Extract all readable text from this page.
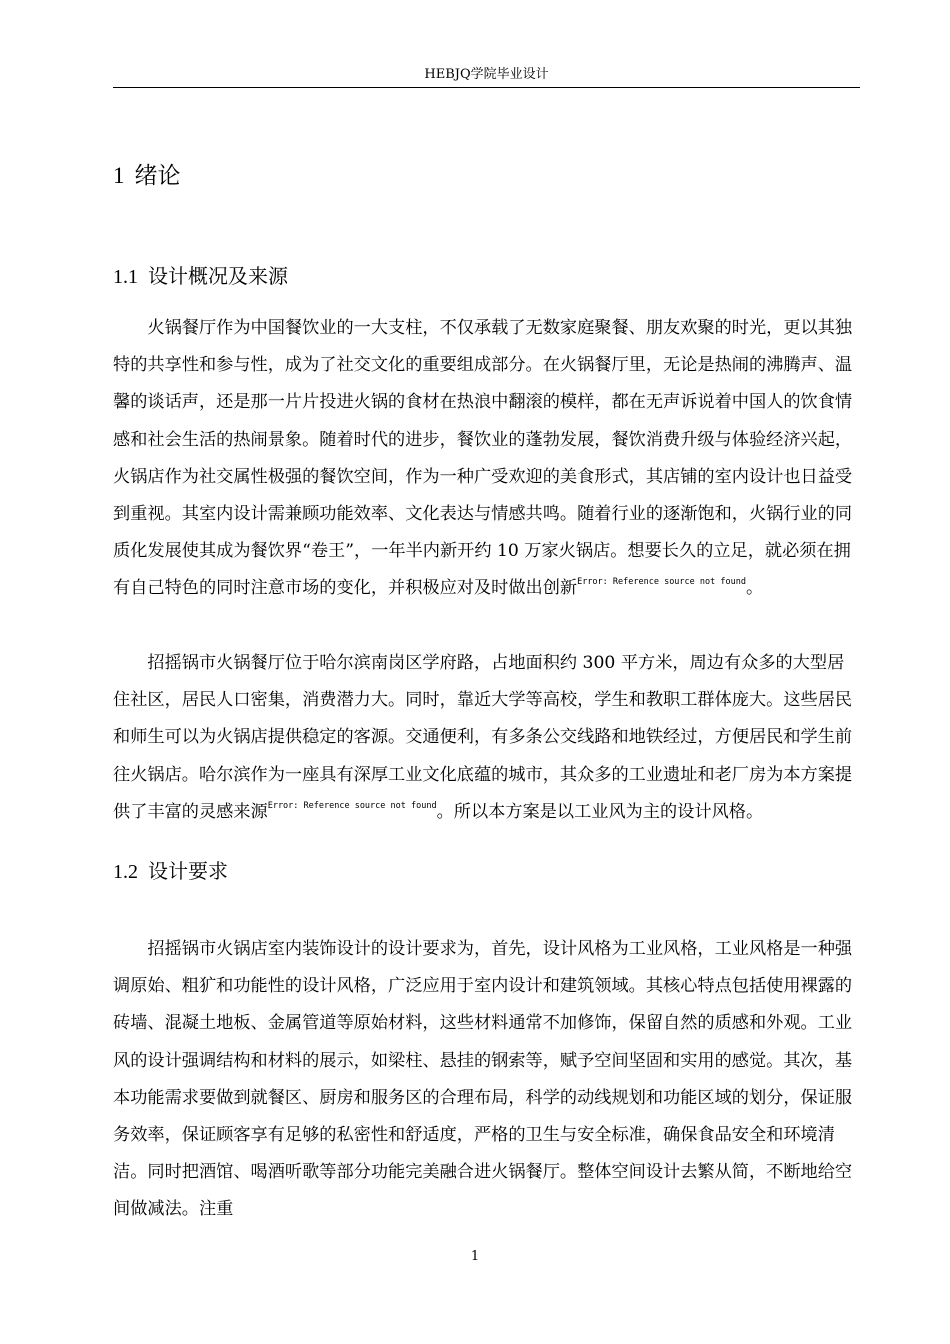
HEBJQ学院毕业设计
1 绪论
1.1 设计概况及来源

火锅餐厅作为中国餐饮业的一大支柱，不仅承载了无数家庭聚餐、朋友欢聚的时光，更以其独特的共享性和参与性，成为了社交文化的重要组成部分。在火锅餐厅里，无论是热闹的沸腾声、温馨的谈话声，还是那一片片投进火锅的食材在热浪中翻滚的模样，都在无声诉说着中国人的饮食情感和社会生活的热闹景象。随着时代的进步，餐饮业的蓬勃发展，餐饮消费升级与体验经济兴起，火锅店作为社交属性极强的餐饮空间，作为一种广受欢迎的美食形式，其店铺的室内设计也日益受到重视。其室内设计需兼顾功能效率、文化表达与情感共鸣。随着行业的逐渐饱和，火锅行业的同质化发展使其成为餐饮界“卷王”，一年半内新开约 10 万家火锅店。想要长久的立足，就必须在拥有自己特色的同时注意市场的变化，并积极应对及时做出创新$^{Error: Reference source not found}$。

招摇锅市火锅餐厅位于哈尔滨南岗区学府路，占地面积约 300 平方米，周边有众多的大型居住社区，居民人口密集，消费潜力大。同时，靠近大学等高校，学生和教职工群体庞大。这些居民和师生可以为火锅店提供稳定的客源。交通便利，有多条公交线路和地铁经过，方便居民和学生前往火锅店。哈尔滨作为一座具有深厚工业文化底蕴的城市，其众多的工业遗址和老厂房为本方案提供了丰富的灵感来源$^{Error: Reference source not found}$。所以本方案是以工业风为主的设计风格。

1.2 设计要求

招摇锅市火锅店室内装饰设计的设计要求为，首先，设计风格为工业风格，工业风格是一种强调原始、粗犷和功能性的设计风格，广泛应用于室内设计和建筑领域。其核心特点包括使用裸露的砖墙、混凝土地板、金属管道等原始材料，这些材料通常不加修饰，保留自然的质感和外观。工业风的设计强调结构和材料的展示，如梁柱、悬挂的钢索等，赋予空间坚固和实用的感觉。其次，基本功能需求要做到就餐区、厨房和服务区的合理布局，科学的动线规划和功能区域的划分，保证服务效率，保证顾客享有足够的私密性和舒适度，严格的卫生与安全标准，确保食品安全和环境清洁。同时把酒馆、喝酒听歌等部分功能完美融合进火锅餐厅。整体空间设计去繁从简，不断地给空间做减法。注重

1
